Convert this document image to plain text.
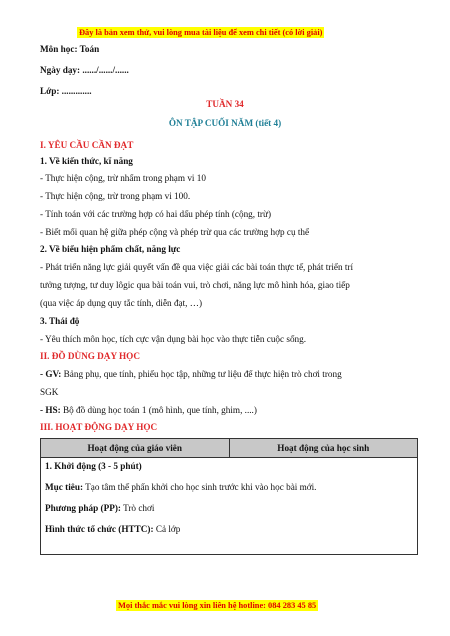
Đây là bản xem thử, vui lòng mua tài liệu để xem chi tiết (có lời giải)
Môn học: Toán
Ngày dạy: ....../....../......
Lớp: .............
TUẦN 34
ÔN TẬP CUỐI NĂM (tiết 4)
I. YÊU CẦU CẦN ĐẠT
1. Về kiến thức, kĩ năng
- Thực hiện cộng, trừ nhẩm trong phạm vi 10
- Thực hiện cộng, trừ trong phạm vi 100.
- Tính toán với các trường hợp có hai dấu phép tính (cộng, trừ)
- Biết mối quan hệ giữa phép cộng và phép trừ qua các trường hợp cụ thể
2. Về biểu hiện phẩm chất, năng lực
- Phát triển năng lực giải quyết vấn đề qua việc giải các bài toán thực tế, phát triển trí
tưởng tượng, tư duy lôgic qua bài toán vui, trò chơi, năng lực mô hình hóa, giao tiếp
(qua việc áp dụng quy tắc tính, diễn đạt, …)
3. Thái độ
- Yêu thích môn học, tích cực vận dụng bài học vào thực tiễn cuộc sống.
II. ĐỒ DÙNG DẠY HỌC
- GV: Bảng phụ, que tính, phiếu học tập, những tư liệu để thực hiện trò chơi trong
SGK
- HS: Bộ đồ dùng học toán 1 (mô hình, que tính, ghim, ....)
III. HOẠT ĐỘNG DẠY HỌC
Hoạt động của giáo viên	Hoạt động của học sinh

1. Khởi động (3 - 5 phút)

Mục tiêu: Tạo tâm thế phấn khởi cho học sinh trước khi vào học bài mới.

Phương pháp (PP): Trò chơi

Hình thức tổ chức (HTTC): Cả lớp

Mọi thắc mắc vui lòng xin liên hệ hotline: 084 283 45 85
